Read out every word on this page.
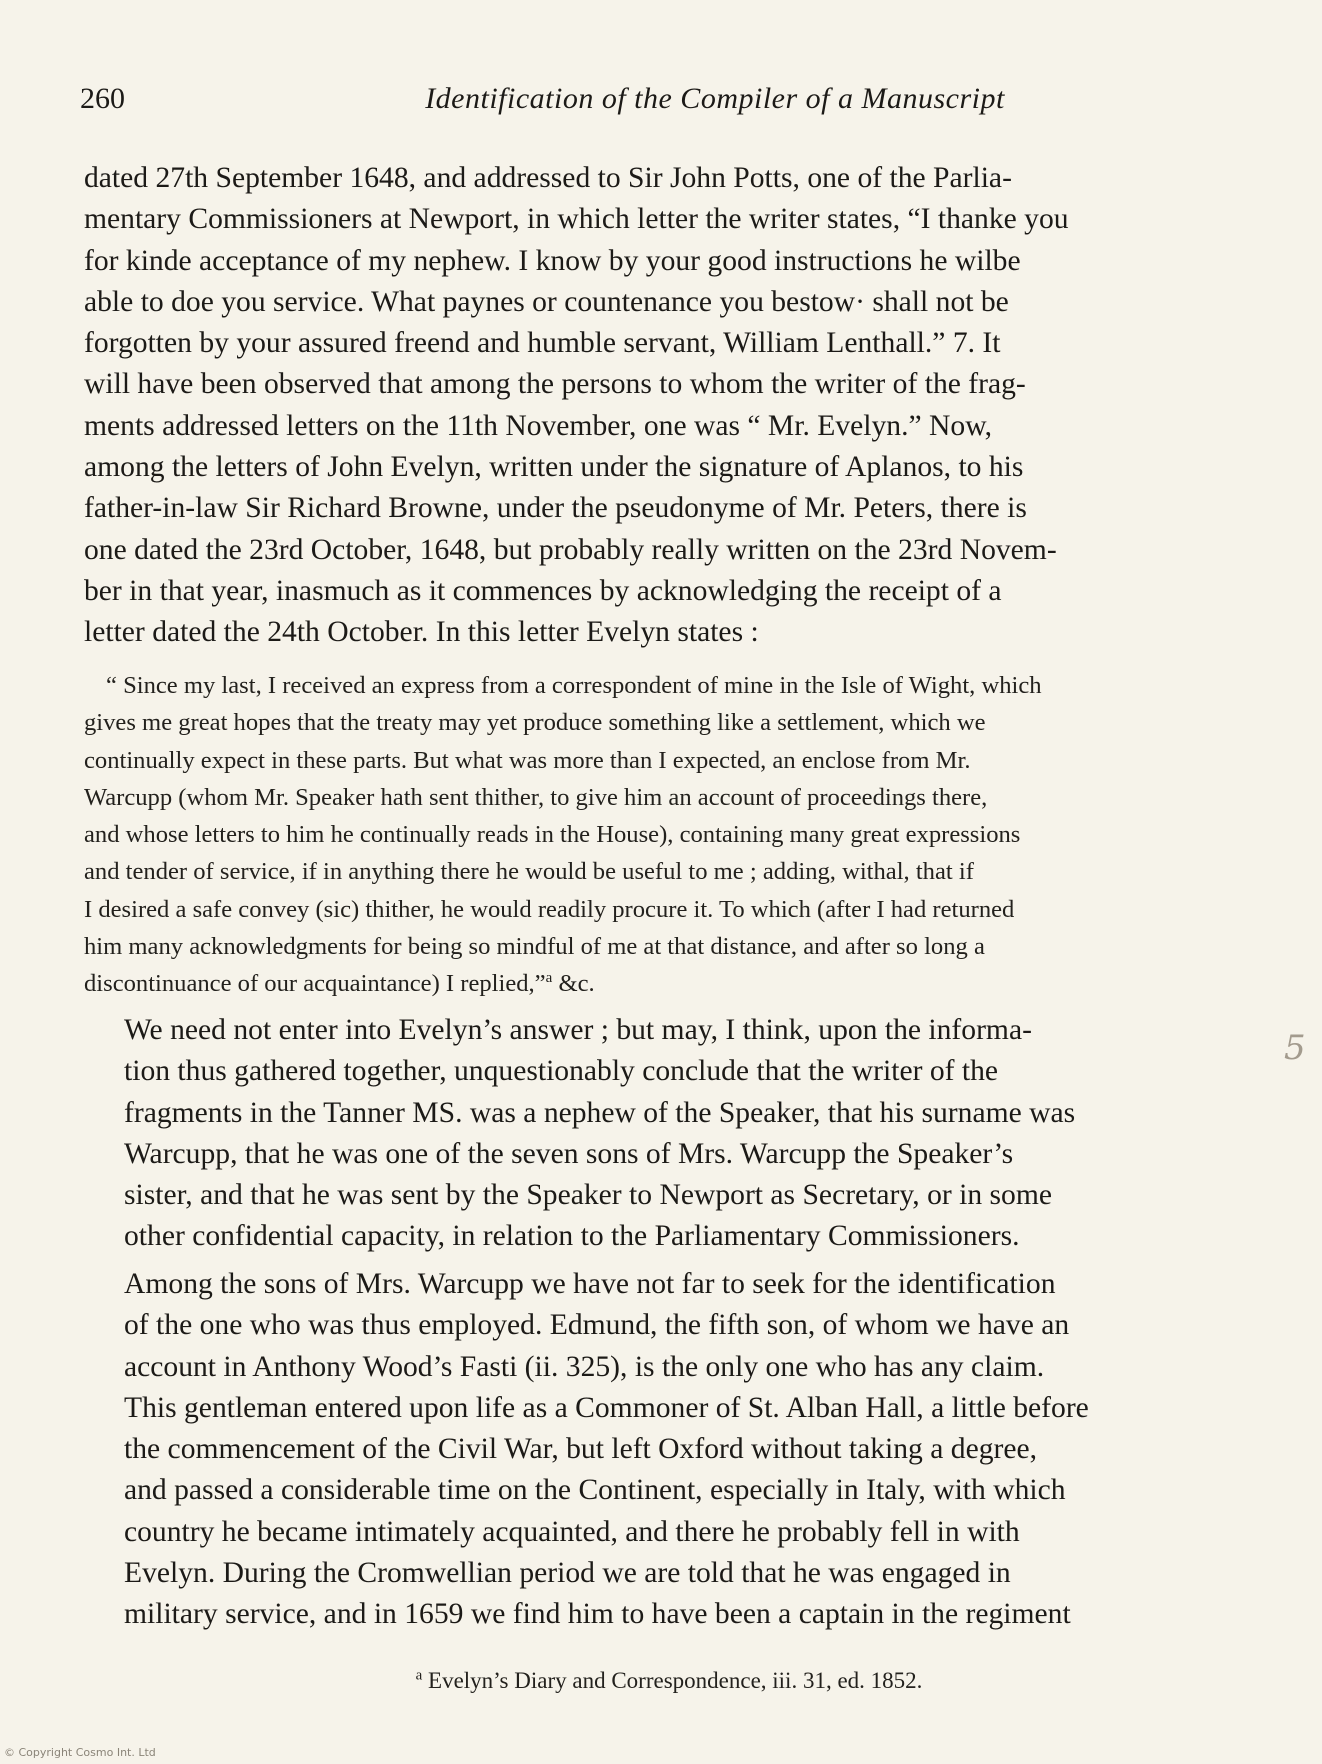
260	Identification of the Compiler of a Manuscript
dated 27th September 1648, and addressed to Sir John Potts, one of the Parlia-
mentary Commissioners at Newport, in which letter the writer states, “I thanke you
for kinde acceptance of my nephew. I know by your good instructions he wilbe
able to doe you service. What paynes or countenance you bestow· shall not be
forgotten by your assured freend and humble servant, William Lenthall.” 7. It
will have been observed that among the persons to whom the writer of the frag-
ments addressed letters on the 11th November, one was “ Mr. Evelyn.” Now,
among the letters of John Evelyn, written under the signature of Aplanos, to his
father-in-law Sir Richard Browne, under the pseudonyme of Mr. Peters, there is
one dated the 23rd October, 1648, but probably really written on the 23rd Novem-
ber in that year, inasmuch as it commences by acknowledging the receipt of a
letter dated the 24th October. In this letter Evelyn states :
“ Since my last, I received an express from a correspondent of mine in the Isle of Wight, which
gives me great hopes that the treaty may yet produce something like a settlement, which we
continually expect in these parts. But what was more than I expected, an enclose from Mr.
Warcupp (whom Mr. Speaker hath sent thither, to give him an account of proceedings there,
and whose letters to him he continually reads in the House), containing many great expressions
and tender of service, if in anything there he would be useful to me ; adding, withal, that if
I desired a safe convey (sic) thither, he would readily procure it. To which (after I had returned
him many acknowledgments for being so mindful of me at that distance, and after so long a
discontinuance of our acquaintance) I replied,”$^a$ &c.
We need not enter into Evelyn’s answer ; but may, I think, upon the informa-
tion thus gathered together, unquestionably conclude that the writer of the
fragments in the Tanner MS. was a nephew of the Speaker, that his surname was
Warcupp, that he was one of the seven sons of Mrs. Warcupp the Speaker’s
sister, and that he was sent by the Speaker to Newport as Secretary, or in some
other confidential capacity, in relation to the Parliamentary Commissioners.
Among the sons of Mrs. Warcupp we have not far to seek for the identification
of the one who was thus employed. Edmund, the fifth son, of whom we have an
account in Anthony Wood’s Fasti (ii. 325), is the only one who has any claim.
This gentleman entered upon life as a Commoner of St. Alban Hall, a little before
the commencement of the Civil War, but left Oxford without taking a degree,
and passed a considerable time on the Continent, especially in Italy, with which
country he became intimately acquainted, and there he probably fell in with
Evelyn. During the Cromwellian period we are told that he was engaged in
military service, and in 1659 we find him to have been a captain in the regiment
$^a$ Evelyn’s Diary and Correspondence, iii. 31, ed. 1852.
5
© Copyright Cosmo Int. Ltd
